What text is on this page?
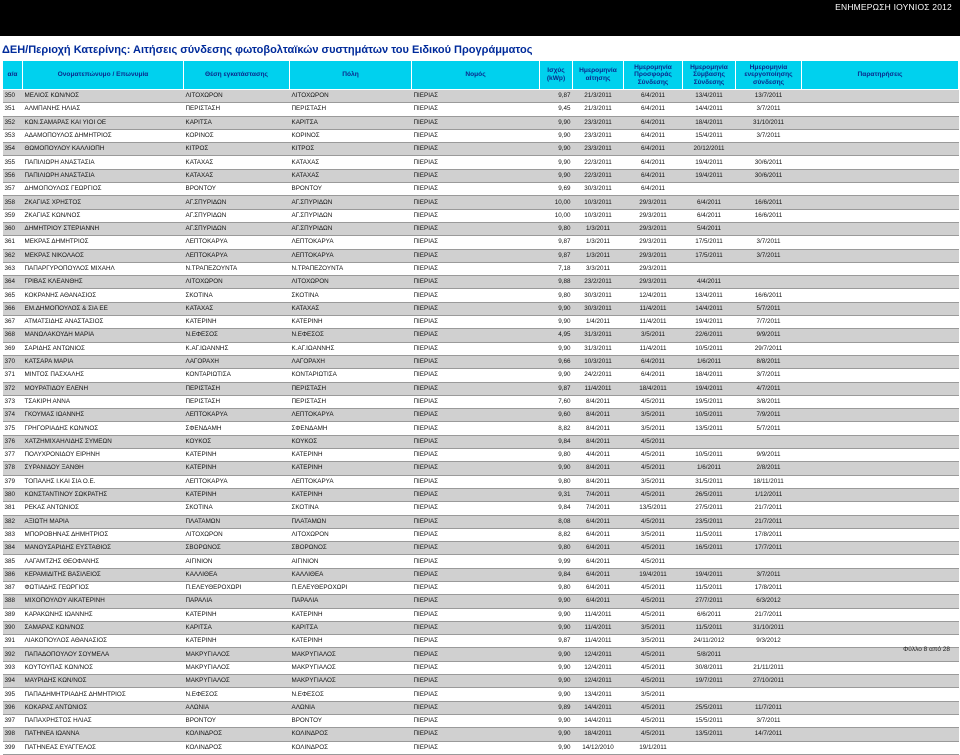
ΕΝΗΜΕΡΩΣΗ ΙΟΥΝΙΟΣ 2012
ΔΕΗ/Περιοχή Κατερίνης: Αιτήσεις σύνδεσης φωτοβολταϊκών συστημάτων του Ειδικού Προγράμματος
α/α	Ονοματεπώνυμο / Επωνυμία	Θέση εγκατάστασης	Πόλη	Νομός	Ισχύς (kWp)	Ημερομηνία αίτησης	Ημερομηνία Προσφοράς Σύνδεσης	Ημερομηνία Σύμβασης Σύνδεσης	Ημερομηνία ενεργοποίησης σύνδεσης	Παρατηρήσεις
350	ΜΕΛΙΟΣ ΚΩΝ/ΝΟΣ	ΛΙΤΟΧΩΡΟΝ	ΛΙΤΟΧΩΡΟΝ	ΠΙΕΡΙΑΣ	9,87	21/3/2011	6/4/2011	13/4/2011	13/7/2011	
351	ΑΛΜΠΑΝΗΣ ΗΛΙΑΣ	ΠΕΡΙΣΤΑΣΗ	ΠΕΡΙΣΤΑΣΗ	ΠΙΕΡΙΑΣ	9,45	21/3/2011	6/4/2011	14/4/2011	3/7/2011	
352	ΚΩΝ.ΣΑΜΑΡΑΣ ΚΑΙ ΥΙΟΙ ΟΕ	ΚΑΡΙΤΣΑ	ΚΑΡΙΤΣΑ	ΠΙΕΡΙΑΣ	9,90	23/3/2011	6/4/2011	18/4/2011	31/10/2011	
353	ΑΔΑΜΟΠΟΥΛΟΣ ΔΗΜΗΤΡΙΟΣ	ΚΟΡΙΝΟΣ	ΚΟΡΙΝΟΣ	ΠΙΕΡΙΑΣ	9,90	23/3/2011	6/4/2011	15/4/2011	3/7/2011	
354	ΘΩΜΟΠΟΥΛΟΥ ΚΑΛΛΙΟΠΗ	ΚΙΤΡΟΣ	ΚΙΤΡΟΣ	ΠΙΕΡΙΑΣ	9,90	23/3/2011	6/4/2011	20/12/2011		
355	ΠΑΠΙΛΙΩΡΗ ΑΝΑΣΤΑΣΙΑ	ΚΑΤΑΧΑΣ	ΚΑΤΑΧΑΣ	ΠΙΕΡΙΑΣ	9,90	22/3/2011	6/4/2011	19/4/2011	30/6/2011	
356	ΠΑΠΙΛΙΩΡΗ ΑΝΑΣΤΑΣΙΑ	ΚΑΤΑΧΑΣ	ΚΑΤΑΧΑΣ	ΠΙΕΡΙΑΣ	9,90	22/3/2011	6/4/2011	19/4/2011	30/6/2011	
357	ΔΗΜΟΠΟΥΛΟΣ ΓΕΩΡΓΙΟΣ	ΒΡΟΝΤΟΥ	ΒΡΟΝΤΟΥ	ΠΙΕΡΙΑΣ	9,69	30/3/2011	6/4/2011			
358	ΖΚΑΓΙΑΣ ΧΡΗΣΤΟΣ	ΑΓ.ΣΠΥΡΙΔΩΝ	ΑΓ.ΣΠΥΡΙΔΩΝ	ΠΙΕΡΙΑΣ	10,00	10/3/2011	29/3/2011	6/4/2011	16/6/2011	
359	ΖΚΑΓΙΑΣ ΚΩΝ/ΝΟΣ	ΑΓ.ΣΠΥΡΙΔΩΝ	ΑΓ.ΣΠΥΡΙΔΩΝ	ΠΙΕΡΙΑΣ	10,00	10/3/2011	29/3/2011	6/4/2011	16/6/2011	
360	ΔΗΜΗΤΡΙΟΥ ΣΤΕΡΙΑΝΝΗ	ΑΓ.ΣΠΥΡΙΔΩΝ	ΑΓ.ΣΠΥΡΙΔΩΝ	ΠΙΕΡΙΑΣ	9,80	1/3/2011	29/3/2011	5/4/2011		
361	ΜΕΚΡΑΣ ΔΗΜΗΤΡΙΟΣ	ΛΕΠΤΟΚΑΡΥΑ	ΛΕΠΤΟΚΑΡΥΑ	ΠΙΕΡΙΑΣ	9,87	1/3/2011	29/3/2011	17/5/2011	3/7/2011	
362	ΜΕΚΡΑΣ ΝΙΚΟΛΑΟΣ	ΛΕΠΤΟΚΑΡΥΑ	ΛΕΠΤΟΚΑΡΥΑ	ΠΙΕΡΙΑΣ	9,87	1/3/2011	29/3/2011	17/5/2011	3/7/2011	
363	ΠΑΠΑΡΓΥΡΟΠΟΥΛΟΣ ΜΙΧΑΗΛ	Ν.ΤΡΑΠΕΖΟΥΝΤΑ	Ν.ΤΡΑΠΕΖΟΥΝΤΑ	ΠΙΕΡΙΑΣ	7,18	3/3/2011	29/3/2011			
364	ΓΡΙΒΑΣ ΚΛΕΑΝΘΗΣ	ΛΙΤΟΧΩΡΟΝ	ΛΙΤΟΧΩΡΟΝ	ΠΙΕΡΙΑΣ	9,88	23/2/2011	29/3/2011	4/4/2011		
365	ΚΟΚΡΑΝΗΣ ΑΘΑΝΑΣΙΟΣ	ΣΚΟΤΙΝΑ	ΣΚΟΤΙΝΑ	ΠΙΕΡΙΑΣ	9,80	30/3/2011	12/4/2011	13/4/2011	16/6/2011	
366	ΕΜ.ΔΗΜΟΠΟΥΛΟΣ & ΣΙΑ ΕΕ	ΚΑΤΑΧΑΣ	ΚΑΤΑΧΑΣ	ΠΙΕΡΙΑΣ	9,90	30/3/2011	11/4/2011	14/4/2011	5/7/2011	
367	ΑΤΜΑΤΣΙΔΗΣ ΑΝΑΣΤΑΣΙΟΣ	ΚΑΤΕΡΙΝΗ	ΚΑΤΕΡΙΝΗ	ΠΙΕΡΙΑΣ	9,90	1/4/2011	11/4/2011	19/4/2011	7/7/2011	
368	ΜΑΝΩΛΑΚΟΥΔΗ ΜΑΡΙΑ	Ν.ΕΦΕΣΟΣ	Ν.ΕΦΕΣΟΣ	ΠΙΕΡΙΑΣ	4,95	31/3/2011	3/5/2011	22/6/2011	9/9/2011	
369	ΣΑΡΙΔΗΣ ΑΝΤΩΝΙΟΣ	Κ.ΑΓ.ΙΩΑΝΝΗΣ	Κ.ΑΓ.ΙΩΑΝΝΗΣ	ΠΙΕΡΙΑΣ	9,90	31/3/2011	11/4/2011	10/5/2011	29/7/2011	
370	ΚΑΤΣΑΡΑ ΜΑΡΙΑ	ΛΑΓΟΡΑΧΗ	ΛΑΓΟΡΑΧΗ	ΠΙΕΡΙΑΣ	9,66	10/3/2011	6/4/2011	1/6/2011	8/8/2011	
371	ΜΙΝΤΟΣ ΠΑΣΧΑΛΗΣ	ΚΟΝΤΑΡΙΩΤΙΣΑ	ΚΟΝΤΑΡΙΩΤΙΣΑ	ΠΙΕΡΙΑΣ	9,90	24/2/2011	6/4/2011	18/4/2011	3/7/2011	
372	ΜΟΥΡΑΤΙΔΟΥ ΕΛΕΝΗ	ΠΕΡΙΣΤΑΣΗ	ΠΕΡΙΣΤΑΣΗ	ΠΙΕΡΙΑΣ	9,87	11/4/2011	18/4/2011	19/4/2011	4/7/2011	
373	ΤΣΑΚΙΡΗ ΑΝΝΑ	ΠΕΡΙΣΤΑΣΗ	ΠΕΡΙΣΤΑΣΗ	ΠΙΕΡΙΑΣ	7,60	8/4/2011	4/5/2011	19/5/2011	3/8/2011	
374	ΓΚΟΥΜΑΣ ΙΩΑΝΝΗΣ	ΛΕΠΤΟΚΑΡΥΑ	ΛΕΠΤΟΚΑΡΥΑ	ΠΙΕΡΙΑΣ	9,60	8/4/2011	3/5/2011	10/5/2011	7/9/2011	
375	ΓΡΗΓΟΡΙΑΔΗΣ ΚΩΝ/ΝΟΣ	ΣΦΕΝΔΑΜΗ	ΣΦΕΝΔΑΜΗ	ΠΙΕΡΙΑΣ	8,82	8/4/2011	3/5/2011	13/5/2011	5/7/2011	
376	ΧΑΤΖΗΜΙΧΑΗΛΙΔΗΣ ΣΥΜΕΩΝ	ΚΟΥΚΟΣ	ΚΟΥΚΟΣ	ΠΙΕΡΙΑΣ	9,84	8/4/2011	4/5/2011			
377	ΠΟΛΥΧΡΟΝΙΔΟΥ ΕΙΡΗΝΗ	ΚΑΤΕΡΙΝΗ	ΚΑΤΕΡΙΝΗ	ΠΙΕΡΙΑΣ	9,80	4/4/2011	4/5/2011	10/5/2011	9/9/2011	
378	ΣΥΡΑΝΙΔΟΥ ΞΑΝΘΗ	ΚΑΤΕΡΙΝΗ	ΚΑΤΕΡΙΝΗ	ΠΙΕΡΙΑΣ	9,90	8/4/2011	4/5/2011	1/6/2011	2/8/2011	
379	ΤΟΠΑΛΗΣ Ι.ΚΑΙ ΣΙΑ Ο.Ε.	ΛΕΠΤΟΚΑΡΥΑ	ΛΕΠΤΟΚΑΡΥΑ	ΠΙΕΡΙΑΣ	9,80	8/4/2011	3/5/2011	31/5/2011	18/11/2011	
380	ΚΩΝΣΤΑΝΤΙΝΟΥ ΣΩΚΡΑΤΗΣ	ΚΑΤΕΡΙΝΗ	ΚΑΤΕΡΙΝΗ	ΠΙΕΡΙΑΣ	9,31	7/4/2011	4/5/2011	26/5/2011	1/12/2011	
381	ΡΕΚΑΣ ΑΝΤΩΝΙΟΣ	ΣΚΟΤΙΝΑ	ΣΚΟΤΙΝΑ	ΠΙΕΡΙΑΣ	9,84	7/4/2011	13/5/2011	27/5/2011	21/7/2011	
382	ΑΞΙΩΤΗ ΜΑΡΙΑ	ΠΛΑΤΑΜΩΝ	ΠΛΑΤΑΜΩΝ	ΠΙΕΡΙΑΣ	8,08	6/4/2011	4/5/2011	23/5/2011	21/7/2011	
383	ΜΠΟΡΟΒΗΝΑΣ ΔΗΜΗΤΡΙΟΣ	ΛΙΤΟΧΩΡΟΝ	ΛΙΤΟΧΩΡΟΝ	ΠΙΕΡΙΑΣ	8,82	6/4/2011	3/5/2011	11/5/2011	17/8/2011	
384	ΜΑΝΟΥΣΑΡΙΔΗΣ ΕΥΣΤΑΘΙΟΣ	ΣΒΟΡΩΝΟΣ	ΣΒΟΡΩΝΟΣ	ΠΙΕΡΙΑΣ	9,80	6/4/2011	4/5/2011	16/5/2011	17/7/2011	
385	ΛΑΓΑΜΤΖΗΣ ΘΕΟΦΑΝΗΣ	ΑΙΓΙΝΙΟΝ	ΑΙΓΙΝΙΟΝ	ΠΙΕΡΙΑΣ	9,99	6/4/2011	4/5/2011			
386	ΚΕΡΑΜΙΔΙΤΗΣ ΒΑΣΙΛΕΙΟΣ	ΚΑΛΛΙΘΕΑ	ΚΑΛΛΙΘΕΑ	ΠΙΕΡΙΑΣ	9,84	6/4/2011	19/4/2011	19/4/2011	3/7/2011	
387	ΦΩΤΙΑΔΗΣ ΓΕΩΡΓΙΟΣ	Π.ΕΛΕΥΘΕΡΟΧΩΡΙ	Π.ΕΛΕΥΘΕΡΟΧΩΡΙ	ΠΙΕΡΙΑΣ	9,80	6/4/2011	4/5/2011	11/5/2011	17/8/2011	
388	ΜΙΧΟΠΟΥΛΟΥ ΑΙΚΑΤΕΡΙΝΗ	ΠΑΡΑΛΙΑ	ΠΑΡΑΛΙΑ	ΠΙΕΡΙΑΣ	9,90	6/4/2011	4/5/2011	27/7/2011	6/3/2012	
389	ΚΑΡΑΚΩΝΗΣ ΙΩΑΝΝΗΣ	ΚΑΤΕΡΙΝΗ	ΚΑΤΕΡΙΝΗ	ΠΙΕΡΙΑΣ	9,90	11/4/2011	4/5/2011	6/6/2011	21/7/2011	
390	ΣΑΜΑΡΑΣ ΚΩΝ/ΝΟΣ	ΚΑΡΙΤΣΑ	ΚΑΡΙΤΣΑ	ΠΙΕΡΙΑΣ	9,90	11/4/2011	3/5/2011	11/5/2011	31/10/2011	
391	ΛΙΑΚΟΠΟΥΛΟΣ ΑΘΑΝΑΣΙΟΣ	ΚΑΤΕΡΙΝΗ	ΚΑΤΕΡΙΝΗ	ΠΙΕΡΙΑΣ	9,87	11/4/2011	3/5/2011	24/11/2012	9/3/2012	
392	ΠΑΠΑΔΟΠΟΥΛΟΥ ΣΟΥΜΕΛΑ	ΜΑΚΡΥΓΙΑΛΟΣ	ΜΑΚΡΥΓΙΑΛΟΣ	ΠΙΕΡΙΑΣ	9,90	12/4/2011	4/5/2011	5/8/2011		
393	ΚΟΥΤΟΥΠΑΣ ΚΩΝ/ΝΟΣ	ΜΑΚΡΥΓΙΑΛΟΣ	ΜΑΚΡΥΓΙΑΛΟΣ	ΠΙΕΡΙΑΣ	9,90	12/4/2011	4/5/2011	30/8/2011	21/11/2011	
394	ΜΑΥΡΙΔΗΣ ΚΩΝ/ΝΟΣ	ΜΑΚΡΥΓΙΑΛΟΣ	ΜΑΚΡΥΓΙΑΛΟΣ	ΠΙΕΡΙΑΣ	9,90	12/4/2011	4/5/2011	19/7/2011	27/10/2011	
395	ΠΑΠΑΔΗΜΗΤΡΙΑΔΗΣ ΔΗΜΗΤΡΙΟΣ	Ν.ΕΦΕΣΟΣ	Ν.ΕΦΕΣΟΣ	ΠΙΕΡΙΑΣ	9,90	13/4/2011	3/5/2011			
396	ΚΟΚΑΡΑΣ ΑΝΤΩΝΙΟΣ	ΑΛΩΝΙΑ	ΑΛΩΝΙΑ	ΠΙΕΡΙΑΣ	9,89	14/4/2011	4/5/2011	25/5/2011	11/7/2011	
397	ΠΑΠΑΧΡΗΣΤΟΣ ΗΛΙΑΣ	ΒΡΟΝΤΟΥ	ΒΡΟΝΤΟΥ	ΠΙΕΡΙΑΣ	9,90	14/4/2011	4/5/2011	15/5/2011	3/7/2011	
398	ΠΑΤΗΝΕΑ ΙΩΑΝΝΑ	ΚΟΛΙΝΔΡΟΣ	ΚΟΛΙΝΔΡΟΣ	ΠΙΕΡΙΑΣ	9,90	18/4/2011	4/5/2011	13/5/2011	14/7/2011	
399	ΠΑΤΗΝΕΑΣ ΕΥΑΓΓΕΛΟΣ	ΚΟΛΙΝΔΡΟΣ	ΚΟΛΙΝΔΡΟΣ	ΠΙΕΡΙΑΣ	9,90	14/12/2010	19/1/2011			
Φύλλο 8 από 28
